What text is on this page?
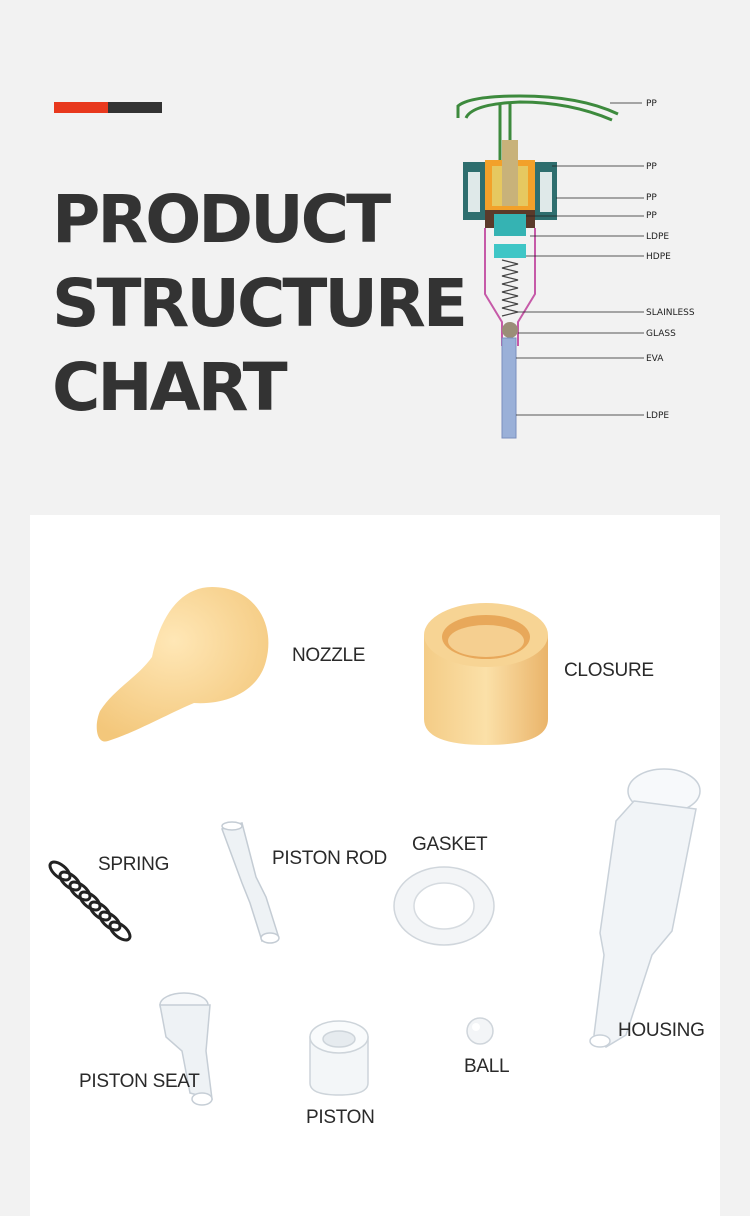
PRODUCT
STRUCTURE
CHART
PP
PP
PP
PP
LDPE
HDPE
SLAINLESS
GLASS
EVA
LDPE
NOZZLE
CLOSURE
SPRING	PISTON ROD
GASKET
HOUSING
PISTON SEAT
PISTON
BALL
